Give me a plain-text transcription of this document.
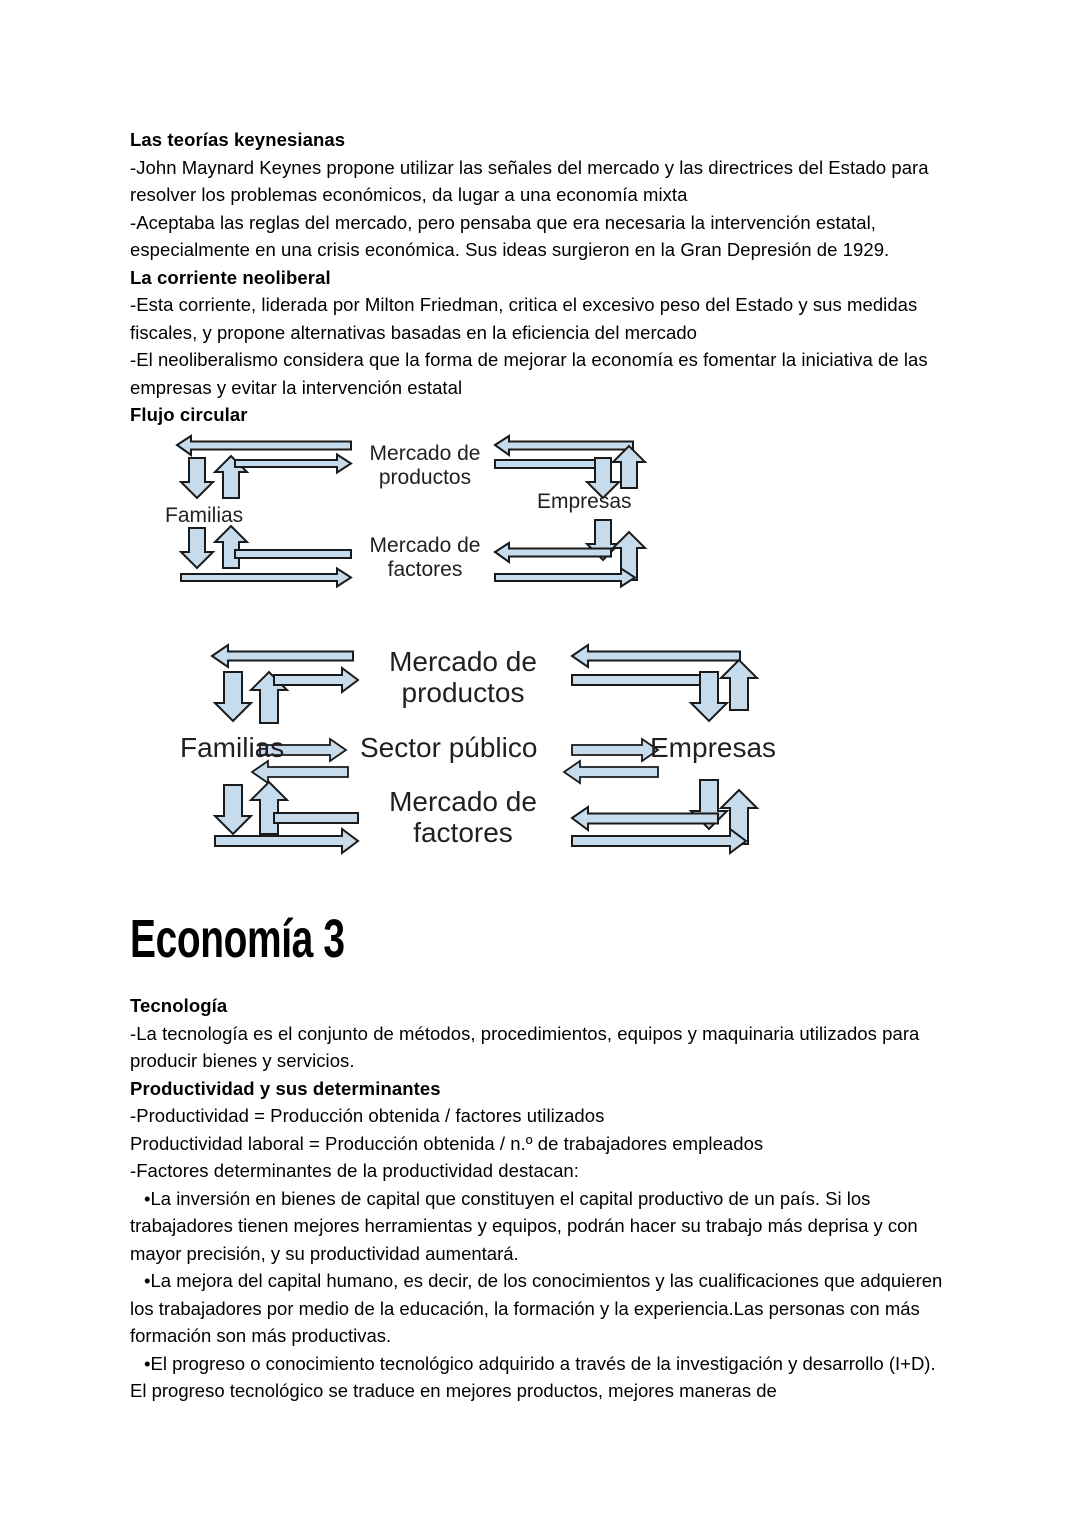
Las teorías keynesianas
-John Maynard Keynes propone utilizar las señales del mercado y las directrices del Estado para resolver los problemas económicos, da lugar a una economía mixta
-Aceptaba las reglas del mercado, pero pensaba que era necesaria la intervención estatal, especialmente en una crisis económica. Sus ideas surgieron en la Gran Depresión de 1929.
La corriente neoliberal
-Esta corriente, liderada por Milton Friedman, critica el excesivo peso del Estado y sus medidas fiscales, y propone alternativas basadas en la eficiencia del mercado
-El neoliberalismo considera que la forma de mejorar la economía es fomentar la iniciativa de las empresas y evitar la intervención estatal
Flujo circular
Familias
Mercado de
productos
Mercado de
factores
Empresas
Familias
Mercado de
productos
Sector público
Mercado de
factores
Empresas
Economía 3
Tecnología
-La tecnología es el conjunto de métodos, procedimientos, equipos y maquinaria utilizados para producir bienes y servicios.
Productividad y sus determinantes
-Productividad = Producción obtenida / factores utilizados
Productividad laboral = Producción obtenida / n.º de trabajadores empleados
-Factores determinantes de la productividad destacan:
•La inversión en bienes de capital que constituyen el capital productivo de un país. Si los trabajadores tienen mejores herramientas y equipos, podrán hacer su trabajo más deprisa y con mayor precisión, y su productividad aumentará.
•La mejora del capital humano, es decir, de los conocimientos y las cualificaciones que adquieren los trabajadores por medio de la educación, la formación y la experiencia.Las personas con más formación son más productivas.
•El progreso o conocimiento tecnológico adquirido a través de la investigación y desarrollo (I+D). El progreso tecnológico se traduce en mejores productos, mejores maneras de
